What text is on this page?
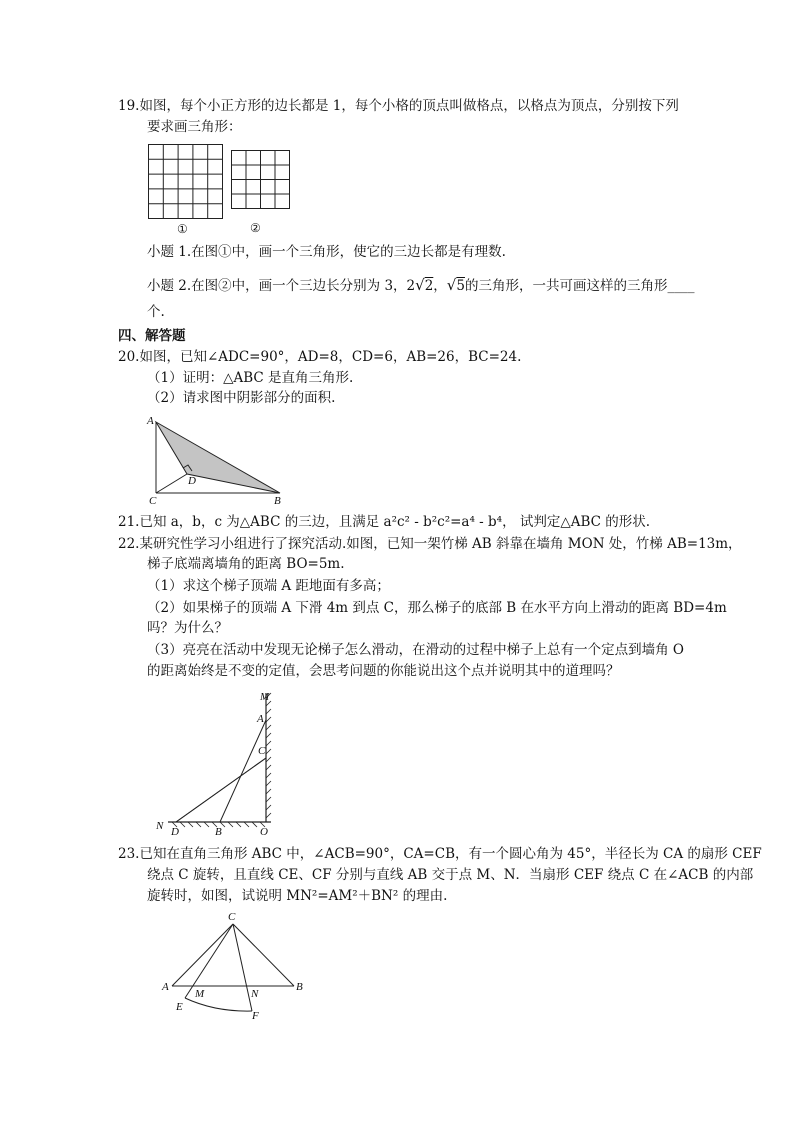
19.如图，每个小正方形的边长都是 1，每个小格的顶点叫做格点，以格点为顶点，分别按下列
要求画三角形：
①	②
小题 1.在图①中，画一个三角形，使它的三边长都是有理数.
小题 2.在图②中，画一个三边长分别为 3，2√2，√5的三角形，一共可画这样的三角形____
个.
四、解答题
20.如图，已知∠ADC=90°，AD=8，CD=6，AB=26，BC=24.
（1）证明：△ABC 是直角三角形.
（2）请求图中阴影部分的面积.
A
D
C	B
21.已知 a，b，c 为△ABC 的三边，且满足 a²c² - b²c²=a⁴ - b⁴， 试判定△ABC 的形状.
22.某研究性学习小组进行了探究活动.如图，已知一架竹梯 AB 斜靠在墙角 MON 处，竹梯 AB=13m，
梯子底端离墙角的距离 BO=5m.
（1）求这个梯子顶端 A 距地面有多高；
（2）如果梯子的顶端 A 下滑 4m 到点 C，那么梯子的底部 B 在水平方向上滑动的距离 BD=4m
吗？为什么？
（3）亮亮在活动中发现无论梯子怎么滑动，在滑动的过程中梯子上总有一个定点到墙角 O
的距离始终是不变的定值，会思考问题的你能说出这个点并说明其中的道理吗？
M
A
C
N D	B	O
23.已知在直角三角形 ABC 中，∠ACB=90°，CA=CB，有一个圆心角为 45°，半径长为 CA 的扇形 CEF
绕点 C 旋转，且直线 CE、CF 分别与直线 AB 交于点 M、N．当扇形 CEF 绕点 C 在∠ACB 的内部
旋转时，如图，试说明 MN²=AM²＋BN² 的理由.
C
A
M	N
B
E
F
